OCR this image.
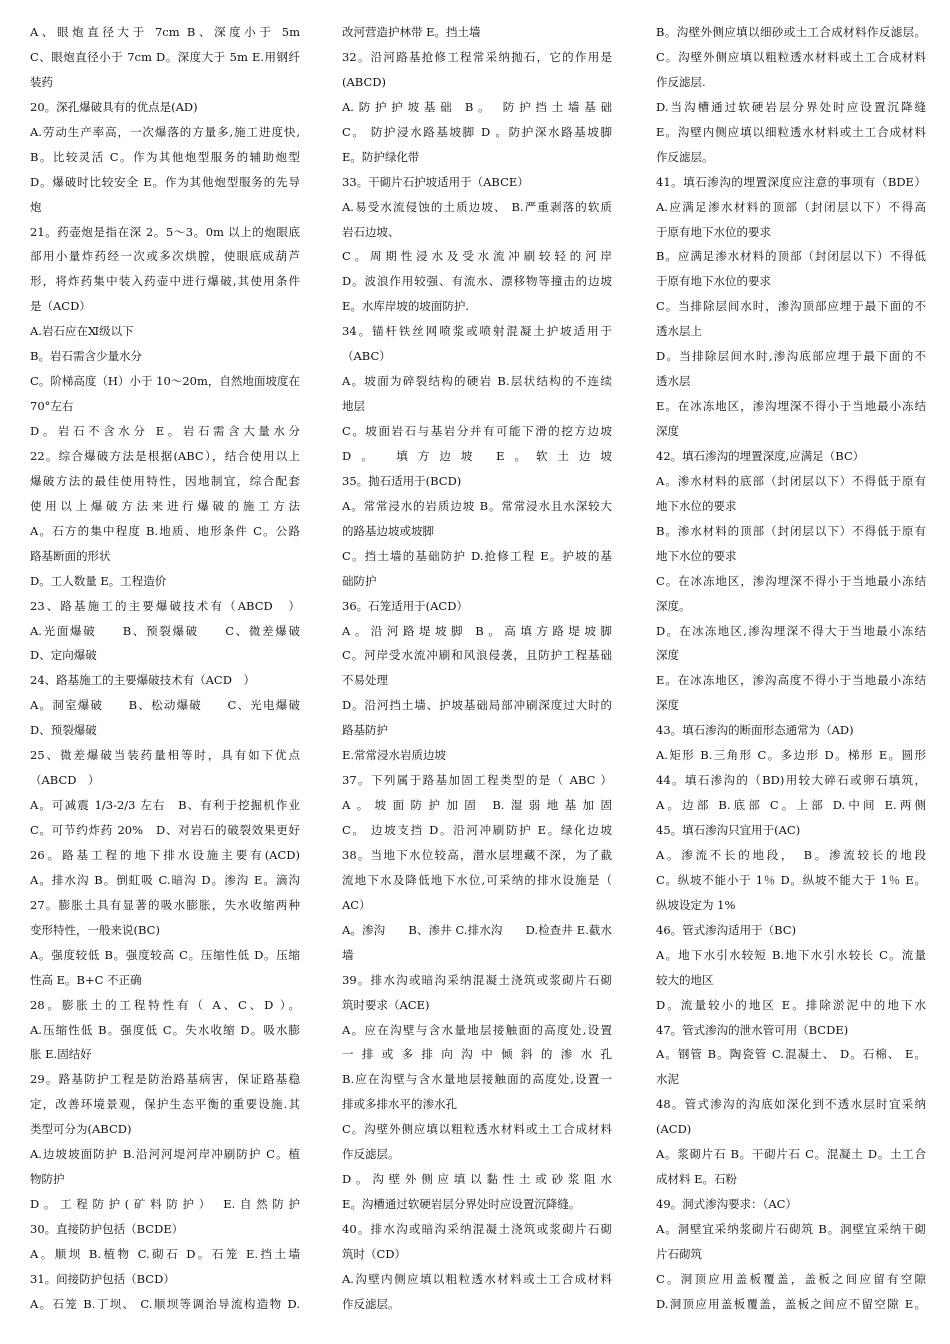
A、眼炮直径大于 7cm B、深度小于 5m
C、眼炮直径小于 7cm D。深度大于 5m E.用钢纤
装药
20。深孔爆破具有的优点是(AD)
A.劳动生产率高，一次爆落的方量多,施工进度快,
B。比较灵活 C。作为其他炮型服务的辅助炮型
D。爆破时比较安全 E。作为其他炮型服务的先导
炮
21。药壶炮是指在深 2。5～3。0m 以上的炮眼底
部用小量炸药经一次或多次烘膛，使眼底成葫芦
形，将炸药集中装入药壶中进行爆破,其使用条件
是（ACD）
A.岩石应在Ⅺ级以下
B。岩石需含少量水分
C。阶梯高度（H）小于 10～20m，自然地面坡度在
70°左右
D。岩石不含水分 E。岩石需含大量水分
22。综合爆破方法是根据(ABC），结合使用以上
爆破方法的最佳使用特性，因地制宜，综合配套
使用以上爆破方法来进行爆破的施工方法
A。石方的集中程度 B.地质、地形条件 C。公路
路基断面的形状
D。工人数量 E。工程造价
23、路基施工的主要爆破技术有（ABCD　）
A.光面爆破　　B、预裂爆破　　C、微差爆破
D、定向爆破
24、路基施工的主要爆破技术有（ACD　）
A。洞室爆破　　B、松动爆破　　C、光电爆破
D、预裂爆破
25、微差爆破当装药量相等时，具有如下优点
（ABCD　）
A。可减震 1/3-2/3 左右　B、有利于挖掘机作业
C。可节约炸药 20%　D、对岩石的破裂效果更好
26。路基工程的地下排水设施主要有(ACD)
A。排水沟 B。倒虹吸 C.暗沟 D。渗沟 E。滴沟
27。膨胀土具有显著的吸水膨胀，失水收缩两种
变形特性，一般来说(BC)
A。强度较低 B。强度较高 C。压缩性低 D。压缩
性高 E。B+C 不正确
28。膨胀土的工程特性有（ A、C、D ）。
A.压缩性低 B。强度低 C。失水收缩 D。吸水膨
胀 E.固结好
29。路基防护工程是防治路基病害，保证路基稳
定，改善环境景观，保护生态平衡的重要设施.其
类型可分为(ABCD)
A.边坡坡面防护 B.沿河河堤河岸冲刷防护 C。植
物防护
D。工程防护(矿料防护） E.自然防护
30。直接防护包括（BCDE）
A。顺坝 B.植物 C.砌石 D。石笼 E.挡土墙
31。间接防护包括（BCD）
A。石笼 B.丁坝、 C.顺坝等调治导流构造物 D.
改河营造护林带 E。挡土墙
32。沿河路基抢修工程常采纳抛石，它的作用是
(ABCD)
A.防护护坡基础 B。 防护挡土墙基础
C。 防护浸水路基坡脚 D 。防护深水路基坡脚
E。防护绿化带
33。干砌片石护坡适用于（ABCE）
A.易受水流侵蚀的土质边坡、 B.严重剥落的软质
岩石边坡、
C。周期性浸水及受水流冲刷较轻的河岸
D。波浪作用较强、有流水、漂移物等撞击的边坡
E。水库岸坡的坡面防护.
34。锚杆铁丝网喷浆或喷射混凝土护坡适用于
（ABC）
A。坡面为碎裂结构的硬岩 B.层状结构的不连续
地层
C。坡面岩石与基岩分并有可能下滑的挖方边坡
D。 填方边坡 E。软土边坡
35。抛石适用于(BCD)
A。常常浸水的岩质边坡 B。常常浸水且水深较大
的路基边坡或坡脚
C。挡土墙的基础防护 D.抢修工程 E。护坡的基
础防护
36。石笼适用于(ACD）
A。沿河路堤坡脚 B。高填方路堤坡脚
C。河岸受水流冲刷和风浪侵袭，且防护工程基础
不易处理
D。沿河挡土墙、护坡基础局部冲刷深度过大时的
路基防护
E.常常浸水岩质边坡
37。下列属于路基加固工程类型的是（ ABC ）
A。坡面防护加固 B.湿弱地基加固
C。 边坡支挡 D。沿河冲刷防护 E。绿化边坡
38。当地下水位较高，潜水层埋藏不深，为了截
流地下水及降低地下水位,可采纳的排水设施是（
AC）
A。渗沟　　B、渗井 C.排水沟　　D.检查井 E.截水
墙
39。排水沟或暗沟采纳混凝土浇筑或浆砌片石砌
筑时要求（ACE)
A。应在沟壁与含水量地层接触面的高度处,设置
一排或多排向沟中倾斜的渗水孔
B.应在沟壁与含水量地层接触面的高度处,设置一
排或多排水平的渗水孔
C。沟壁外侧应填以粗粒透水材料或土工合成材料
作反滤层。
D。沟壁外侧应填以黏性土或砂浆阻水
E。沟槽通过软硬岩层分界处时应设置沉降缝。
40。排水沟或暗沟采纳混凝土浇筑或浆砌片石砌
筑时（CD）
A.沟壁内侧应填以粗粒透水材料或土工合成材料
作反滤层。
B。沟壁外侧应填以细砂或土工合成材料作反滤层。
C。沟壁外侧应填以粗粒透水材料或土工合成材料
作反滤层.
D.当沟槽通过软硬岩层分界处时应设置沉降缝
E。沟壁内侧应填以细粒透水材料或土工合成材料
作反滤层。
41。填石渗沟的埋置深度应注意的事项有（BDE）
A.应满足渗水材料的顶部（封闭层以下）不得高
于原有地下水位的要求
B。应满足渗水材料的顶部（封闭层以下）不得低
于原有地下水位的要求
C。当排除层间水时，渗沟顶部应埋于最下面的不
透水层上
D。当排除层间水时,渗沟底部应埋于最下面的不
透水层
E。在冰冻地区，渗沟埋深不得小于当地最小冻结
深度
42。填石渗沟的埋置深度,应满足（BC）
A。渗水材料的底部（封闭层以下）不得低于原有
地下水位的要求
B。渗水材料的顶部（封闭层以下）不得低于原有
地下水位的要求
C。在冰冻地区，渗沟埋深不得小于当地最小冻结
深度。
D。在冰冻地区,渗沟埋深不得大于当地最小冻结
深度
E。在冰冻地区，渗沟高度不得小于当地最小冻结
深度
43。填石渗沟的断面形态通常为（AD)
A.矩形 B.三角形 C。多边形 D。梯形 E。圆形
44。填石渗沟的（BD)用较大碎石或卵石填筑，
A。边部 B.底部 C。上部 D.中间 E.两侧
45。填石渗沟只宜用于(AC)
A。渗流不长的地段，　B。渗流较长的地段
C。纵坡不能小于 1％ D。纵坡不能大于 1％ E。
纵坡设定为 1%
46。管式渗沟适用于（BC)
A。地下水引水较短 B.地下水引水较长 C。流量
较大的地区
D。流量较小的地区 E。排除淤泥中的地下水
47。管式渗沟的泄水管可用（BCDE)
A。钢管 B。陶瓷管 C.混凝土、 D。石棉、 E。
水泥
48。管式渗沟的沟底如深化到不透水层时宜采纳
(ACD)
A。浆砌片石 B。干砌片石 C。混凝土 D。土工合
成材料 E。石粉
49。洞式渗沟要求：（AC）
A。洞壁宜采纳浆砌片石砌筑 B。洞壁宜采纳干砌
片石砌筑
C。洞顶应用盖板覆盖，盖板之间应留有空隙
D.洞顶应用盖板覆盖，盖板之间应不留空隙 E。
